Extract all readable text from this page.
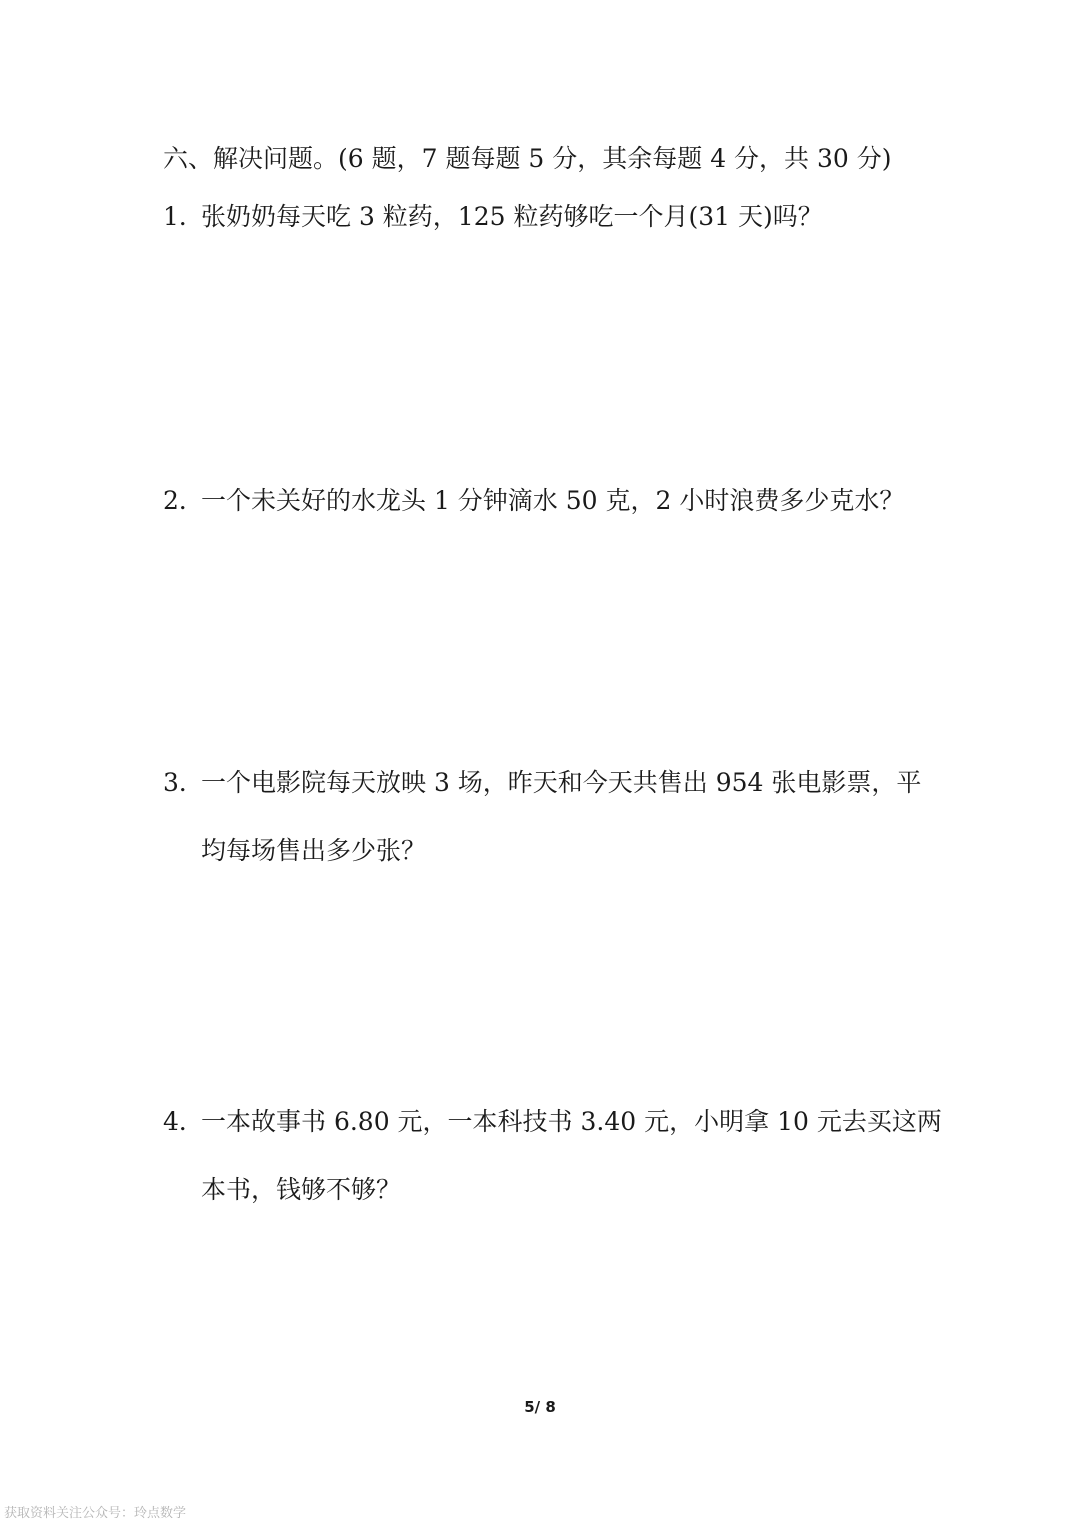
六、解决问题。(6 题，7 题每题 5 分，其余每题 4 分，共 30 分)
1．张奶奶每天吃 3 粒药，125 粒药够吃一个月(31 天)吗？
2．一个未关好的水龙头 1 分钟滴水 50 克，2 小时浪费多少克水？
3．一个电影院每天放映 3 场，昨天和今天共售出 954 张电影票，平
均每场售出多少张？
4．一本故事书 6.80 元，一本科技书 3.40 元，小明拿 10 元去买这两
本书，钱够不够？
5/ 8
获取资料关注公众号：玲点数学
